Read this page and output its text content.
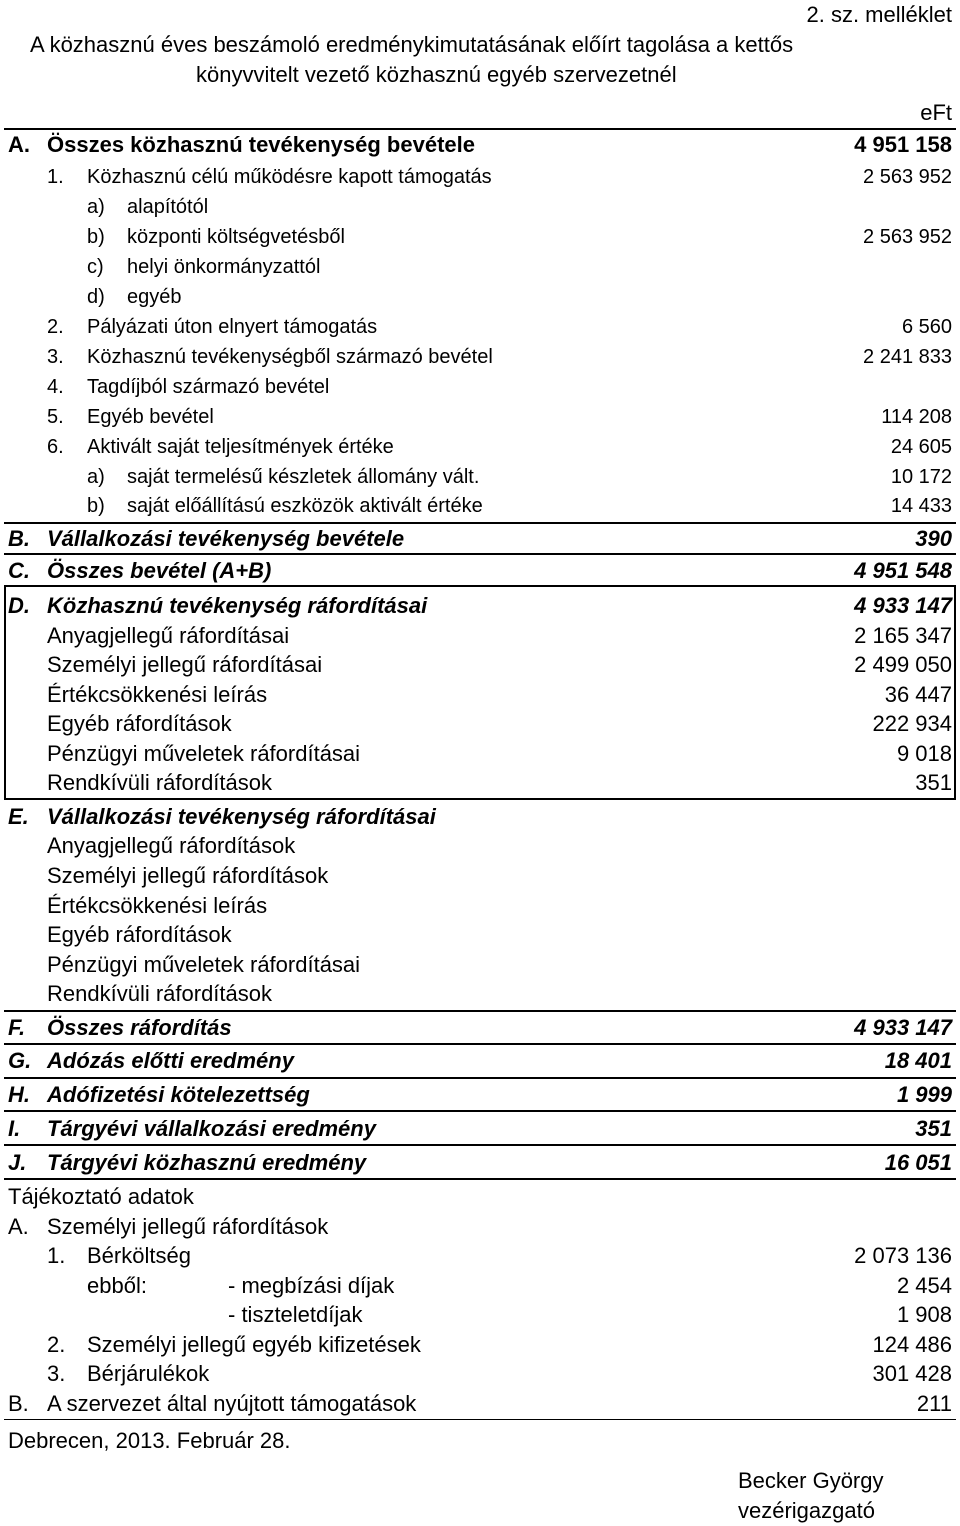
2. sz. melléklet
A közhasznú éves beszámoló eredménykimutatásának előírt tagolása a kettős
könyvvitelt vezető közhasznú egyéb szervezetnél
eFt
A. Összes közhasznú tevékenység bevétele	4 951 158
1. Közhasznú célú működésre kapott támogatás	2 563 952
a) alapítótól
b) központi költségvetésből	2 563 952
c) helyi önkormányzattól
d) egyéb
2. Pályázati úton elnyert támogatás	6 560
3. Közhasznú tevékenységből származó bevétel	2 241 833
4. Tagdíjból származó bevétel
5. Egyéb bevétel	114 208
6. Aktivált saját teljesítmények értéke	24 605
a) saját termelésű készletek állomány vált.	10 172
b) saját előállítású eszközök aktivált értéke	14 433
B. Vállalkozási tevékenység bevétele	390
C. Összes bevétel (A+B)	4 951 548
D. Közhasznú tevékenység ráfordításai	4 933 147
Anyagjellegű ráfordításai	2 165 347
Személyi jellegű ráfordításai	2 499 050
Értékcsökkenési leírás	36 447
Egyéb ráfordítások	222 934
Pénzügyi műveletek ráfordításai	9 018
Rendkívüli ráfordítások	351
E. Vállalkozási tevékenység ráfordításai
Anyagjellegű ráfordítások
Személyi jellegű ráfordítások
Értékcsökkenési leírás
Egyéb ráfordítások
Pénzügyi műveletek ráfordításai
Rendkívüli ráfordítások
F. Összes ráfordítás	4 933 147
G. Adózás előtti eredmény	18 401
H. Adófizetési kötelezettség	1 999
I. Tárgyévi vállalkozási eredmény	351
J. Tárgyévi közhasznú eredmény	16 051
Tájékoztató adatok
A. Személyi jellegű ráfordítások
1. Bérköltség	2 073 136
ebből:	- megbízási díjak	2 454
- tiszteletdíjak	1 908
2. Személyi jellegű egyéb kifizetések	124 486
3. Bérjárulékok	301 428
B. A szervezet által nyújtott támogatások	211
Debrecen, 2013. Február 28.
Becker György
vezérigazgató
